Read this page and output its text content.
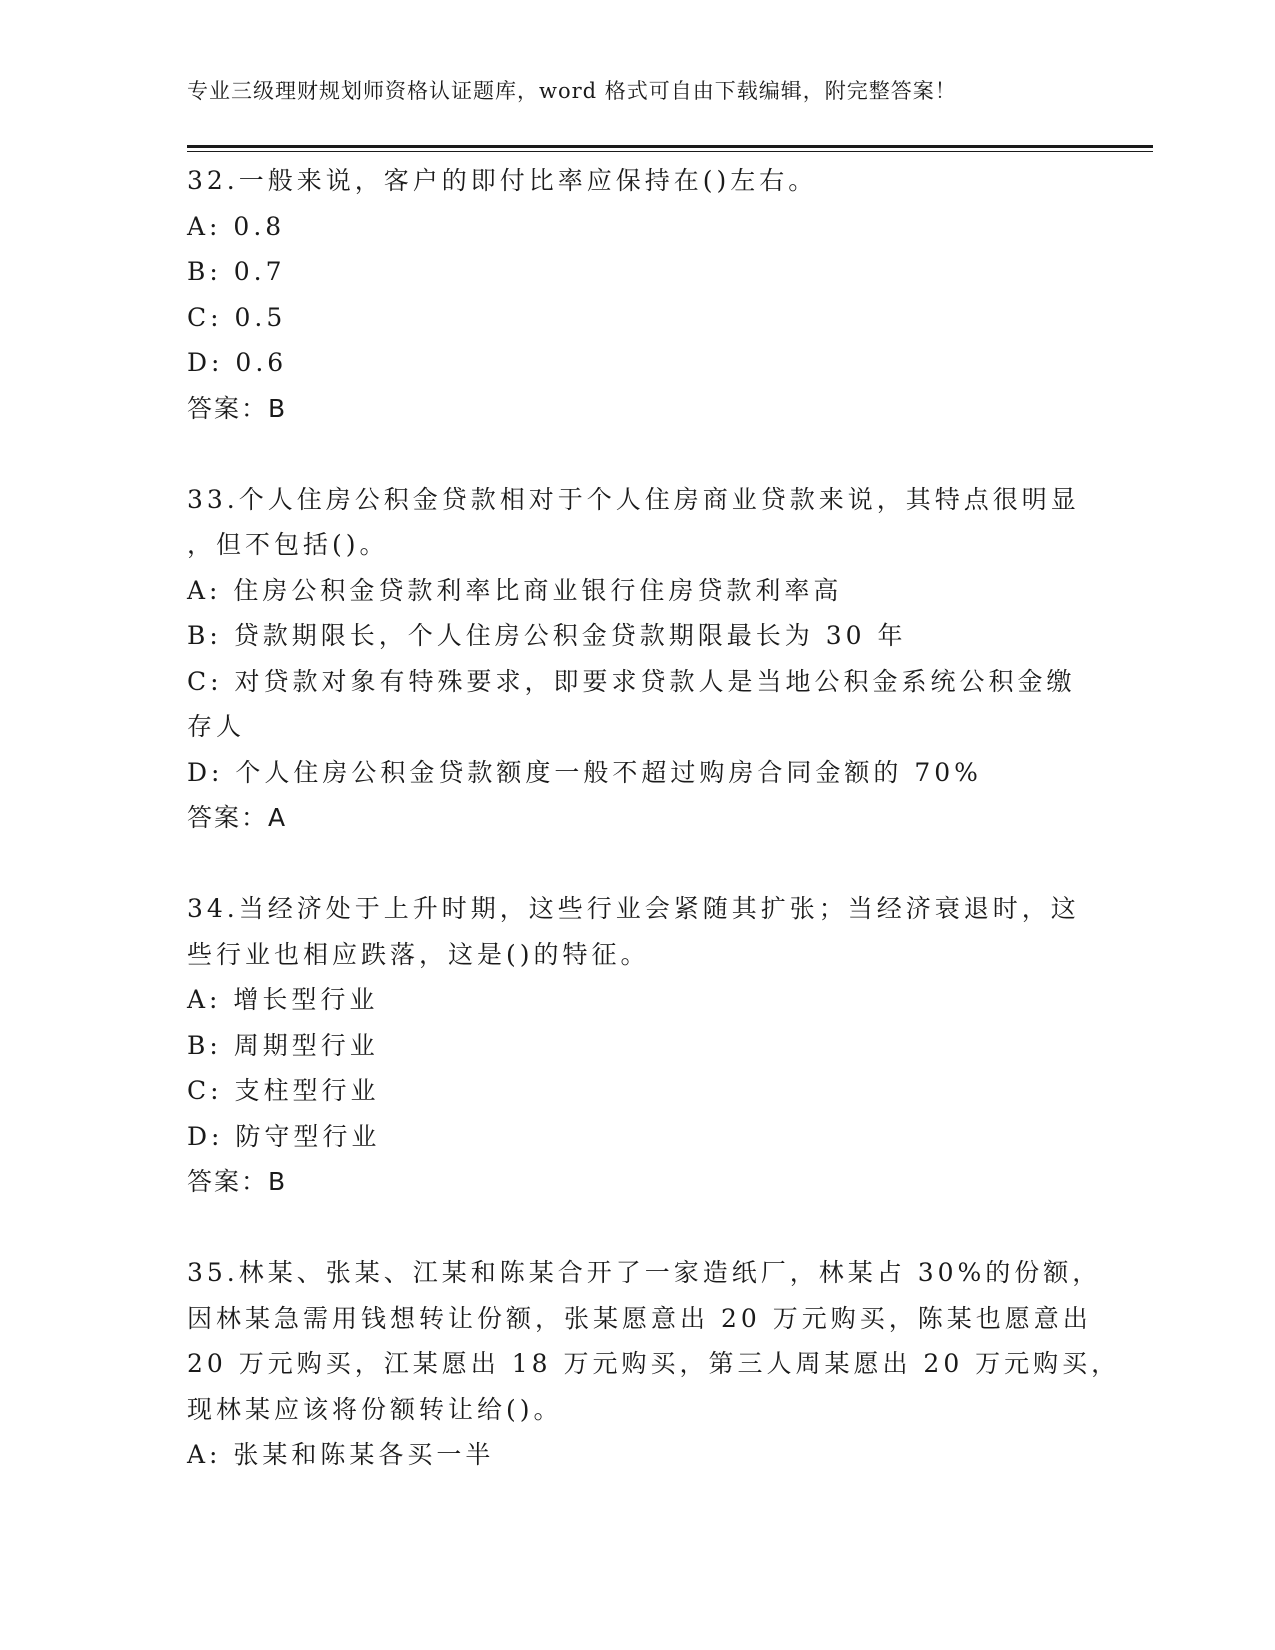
专业三级理财规划师资格认证题库，word 格式可自由下载编辑，附完整答案！
32.一般来说，客户的即付比率应保持在()左右。
A: 0.8
B: 0.7
C: 0.5
D: 0.6
答案：B
33.个人住房公积金贷款相对于个人住房商业贷款来说，其特点很明显
，但不包括()。
A: 住房公积金贷款利率比商业银行住房贷款利率高
B: 贷款期限长，个人住房公积金贷款期限最长为 30 年
C: 对贷款对象有特殊要求，即要求贷款人是当地公积金系统公积金缴
存人
D: 个人住房公积金贷款额度一般不超过购房合同金额的 70%
答案：A
34.当经济处于上升时期，这些行业会紧随其扩张；当经济衰退时，这
些行业也相应跌落，这是()的特征。
A: 增长型行业
B: 周期型行业
C: 支柱型行业
D: 防守型行业
答案：B
35.林某、张某、江某和陈某合开了一家造纸厂，林某占 30%的份额，
因林某急需用钱想转让份额，张某愿意出 20 万元购买，陈某也愿意出
20 万元购买，江某愿出 18 万元购买，第三人周某愿出 20 万元购买，
现林某应该将份额转让给()。
A: 张某和陈某各买一半
